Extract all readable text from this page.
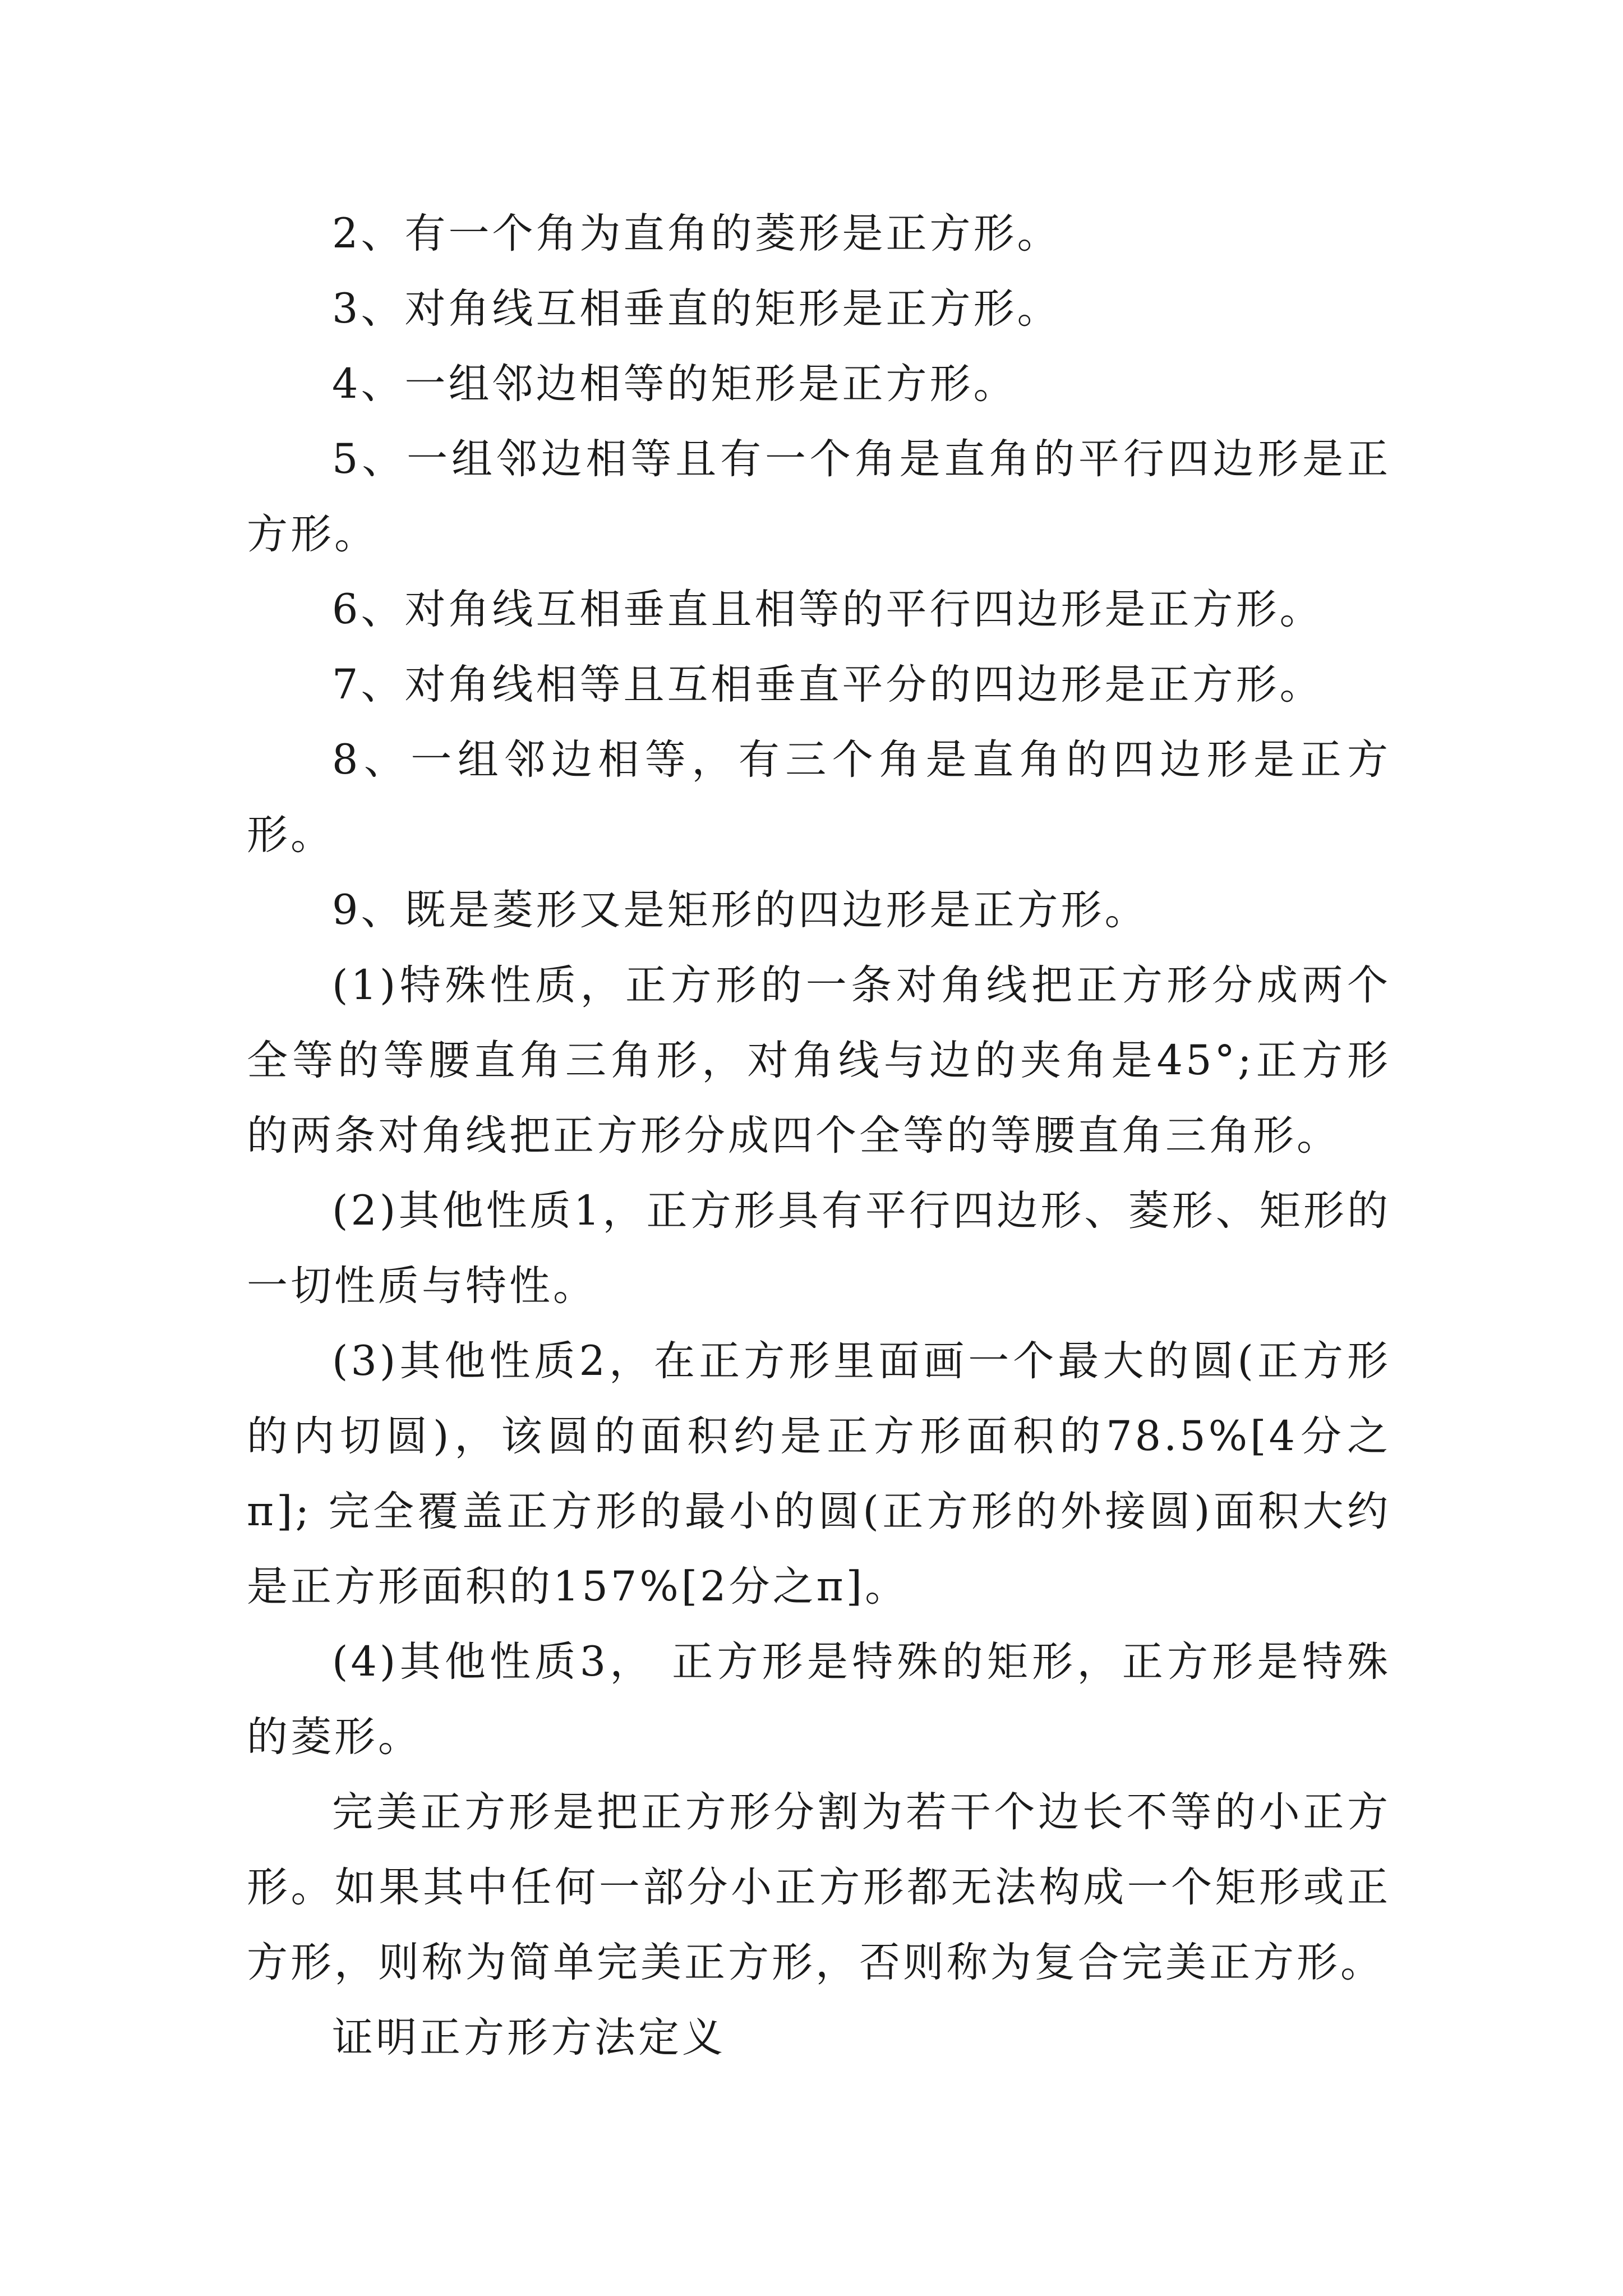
2、有一个角为直角的菱形是正方形。

3、对角线互相垂直的矩形是正方形。

4、一组邻边相等的矩形是正方形。

5、一组邻边相等且有一个角是直角的平行四边形是正方形。

6、对角线互相垂直且相等的平行四边形是正方形。

7、对角线相等且互相垂直平分的四边形是正方形。

8、一组邻边相等，有三个角是直角的四边形是正方形。

9、既是菱形又是矩形的四边形是正方形。

(1)特殊性质，正方形的一条对角线把正方形分成两个全等的等腰直角三角形，对角线与边的夹角是45°;正方形的两条对角线把正方形分成四个全等的等腰直角三角形。

(2)其他性质1，正方形具有平行四边形、菱形、矩形的一切性质与特性。

(3)其他性质2，在正方形里面画一个最大的圆(正方形的内切圆)，该圆的面积约是正方形面积的78.5%[4分之π]; 完全覆盖正方形的最小的圆(正方形的外接圆)面积大约是正方形面积的157%[2分之π]。

(4)其他性质3， 正方形是特殊的矩形，正方形是特殊的菱形。

完美正方形是把正方形分割为若干个边长不等的小正方形。如果其中任何一部分小正方形都无法构成一个矩形或正方形，则称为简单完美正方形，否则称为复合完美正方形。

证明正方形方法定义
